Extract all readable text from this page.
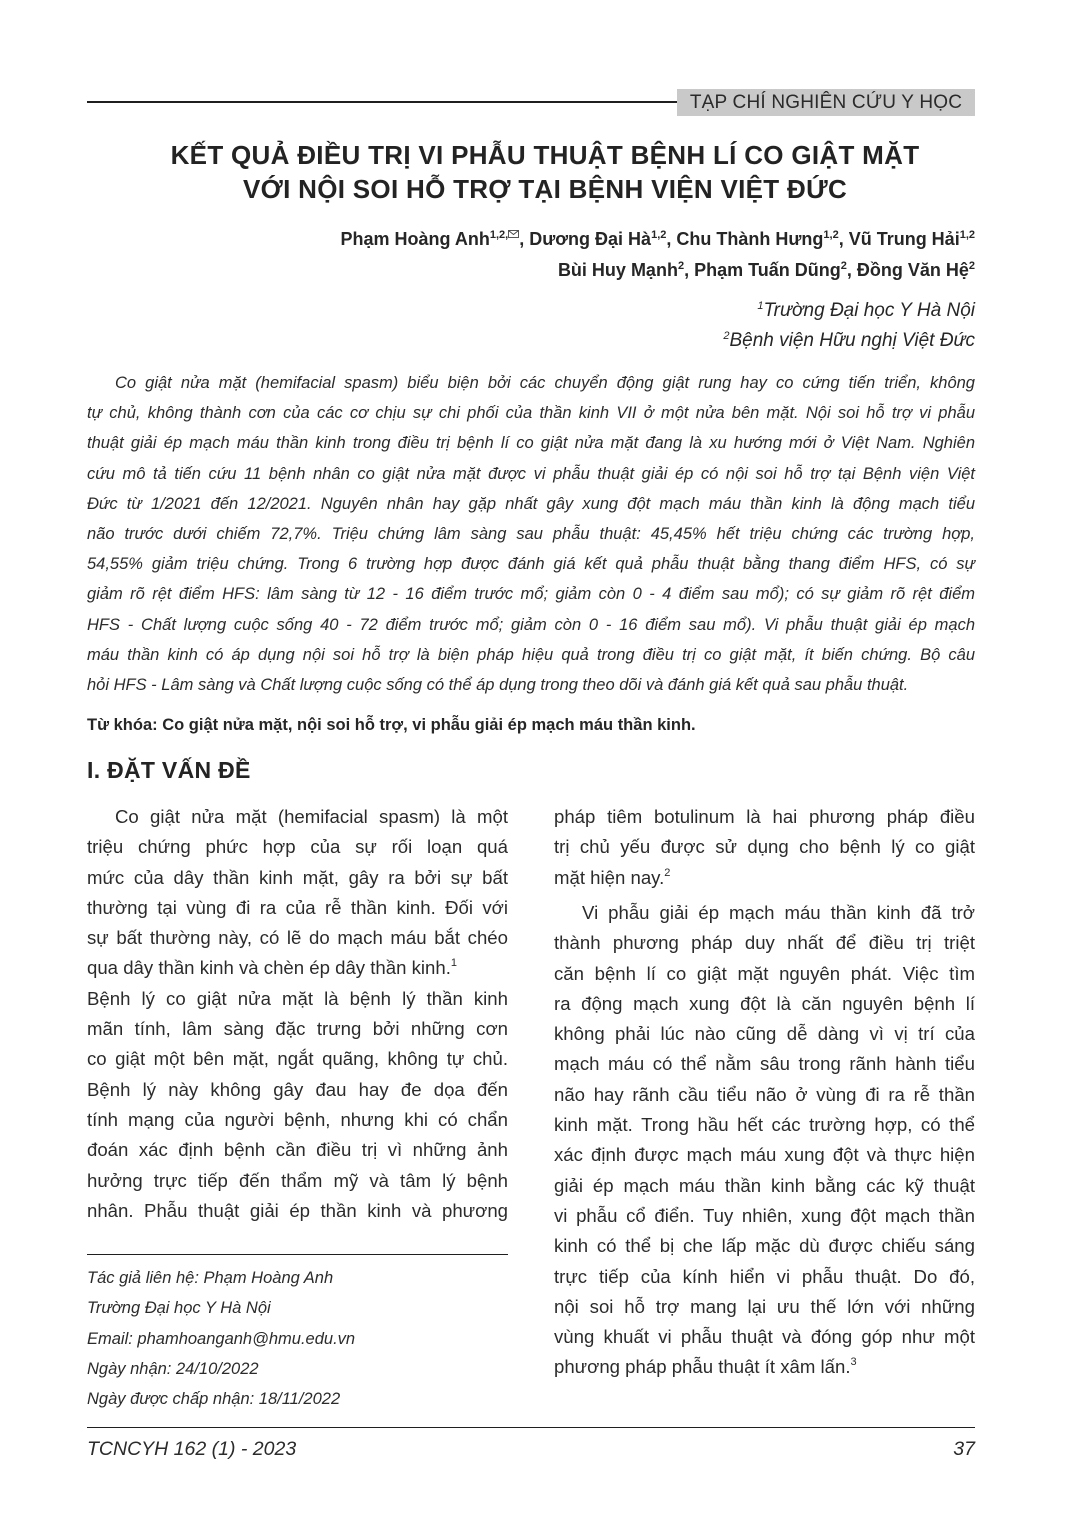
TẠP CHÍ NGHIÊN CỨU Y HỌC
KẾT QUẢ ĐIỀU TRỊ VI PHẪU THUẬT BỆNH LÍ CO GIẬT MẶT
VỚI NỘI SOI HỖ TRỢ TẠI BỆNH VIỆN VIỆT ĐỨC
Phạm Hoàng Anh$^{1,2,}$ , Dương Đại Hà$^{1,2}$, Chu Thành Hưng$^{1,2}$, Vũ Trung Hải$^{1,2}$
Bùi Huy Mạnh$^2$, Phạm Tuấn Dũng$^2$, Đồng Văn Hệ$^2$
$^1$Trường Đại học Y Hà Nội
$^2$Bệnh viện Hữu nghị Việt Đức
Co giật nửa mặt (hemifacial spasm) biểu biện bởi các chuyển động giật rung hay co cứng tiến triển, không
tự chủ, không thành cơn của các cơ chịu sự chi phối của thần kinh VII ở một nửa bên mặt. Nội soi hỗ trợ vi phẫu
thuật giải ép mạch máu thần kinh trong điều trị bệnh lí co giật nửa mặt đang là xu hướng mới ở Việt Nam. Nghiên
cứu mô tả tiến cứu 11 bệnh nhân co giật nửa mặt được vi phẫu thuật giải ép có nội soi hỗ trợ tại Bệnh viện Việt
Đức từ 1/2021 đến 12/2021. Nguyên nhân hay gặp nhất gây xung đột mạch máu thần kinh là động mạch tiểu
não trước dưới chiếm 72,7%. Triệu chứng lâm sàng sau phẫu thuật: 45,45% hết triệu chứng các trường hợp,
54,55% giảm triệu chứng. Trong 6 trường hợp được đánh giá kết quả phẫu thuật bằng thang điểm HFS, có sự
giảm rõ rệt điểm HFS: lâm sàng từ 12 - 16 điểm trước mổ; giảm còn 0 - 4 điểm sau mổ); có sự giảm rõ rệt điểm
HFS - Chất lượng cuộc sống 40 - 72 điểm trước mổ; giảm còn 0 - 16 điểm sau mổ). Vi phẫu thuật giải ép mạch
máu thần kinh có áp dụng nội soi hỗ trợ là biện pháp hiệu quả trong điều trị co giật mặt, ít biến chứng. Bộ câu
hỏi HFS - Lâm sàng và Chất lượng cuộc sống có thể áp dụng trong theo dõi và đánh giá kết quả sau phẫu thuật.
Từ khóa: Co giật nửa mặt, nội soi hỗ trợ, vi phẫu giải ép mạch máu thần kinh.
I. ĐẶT VẤN ĐỀ
Co giật nửa mặt (hemifacial spasm) là một
triệu chứng phức hợp của sự rối loạn quá
mức của dây thần kinh mặt, gây ra bởi sự bất
thường tại vùng đi ra của rễ thần kinh. Đối với
sự bất thường này, có lẽ do mạch máu bắt chéo
qua dây thần kinh và chèn ép dây thần kinh.$^1$
Bệnh lý co giật nửa mặt là bệnh lý thần kinh
mãn tính, lâm sàng đặc trưng bởi những cơn
co giật một bên mặt, ngắt quãng, không tự chủ.
Bệnh lý này không gây đau hay đe dọa đến
tính mạng của người bệnh, nhưng khi có chẩn
đoán xác định bệnh cần điều trị vì những ảnh
hưởng trực tiếp đến thẩm mỹ và tâm lý bệnh
nhân. Phẫu thuật giải ép thần kinh và phương
pháp tiêm botulinum là hai phương pháp điều
trị chủ yếu được sử dụng cho bệnh lý co giật
mặt hiện nay.$^2$
Vi phẫu giải ép mạch máu thần kinh đã trở
thành phương pháp duy nhất để điều trị triệt
căn bệnh lí co giật mặt nguyên phát. Việc tìm
ra động mạch xung đột là căn nguyên bệnh lí
không phải lúc nào cũng dễ dàng vì vị trí của
mạch máu có thể nằm sâu trong rãnh hành tiểu
não hay rãnh cầu tiểu não ở vùng đi ra rễ thần
kinh mặt. Trong hầu hết các trường hợp, có thể
xác định được mạch máu xung đột và thực hiện
giải ép mạch máu thần kinh bằng các kỹ thuật
vi phẫu cổ điển. Tuy nhiên, xung đột mạch thần
kinh có thể bị che lấp mặc dù được chiếu sáng
trực tiếp của kính hiển vi phẫu thuật. Do đó,
nội soi hỗ trợ mang lại ưu thế lớn với những
vùng khuất vi phẫu thuật và đóng góp như một
phương pháp phẫu thuật ít xâm lấn.$^3$
Tác giả liên hệ: Phạm Hoàng Anh
Trường Đại học Y Hà Nội
Email: phamhoanganh@hmu.edu.vn
Ngày nhận: 24/10/2022
Ngày được chấp nhận: 18/11/2022
TCNCYH 162 (1) - 2023	37
